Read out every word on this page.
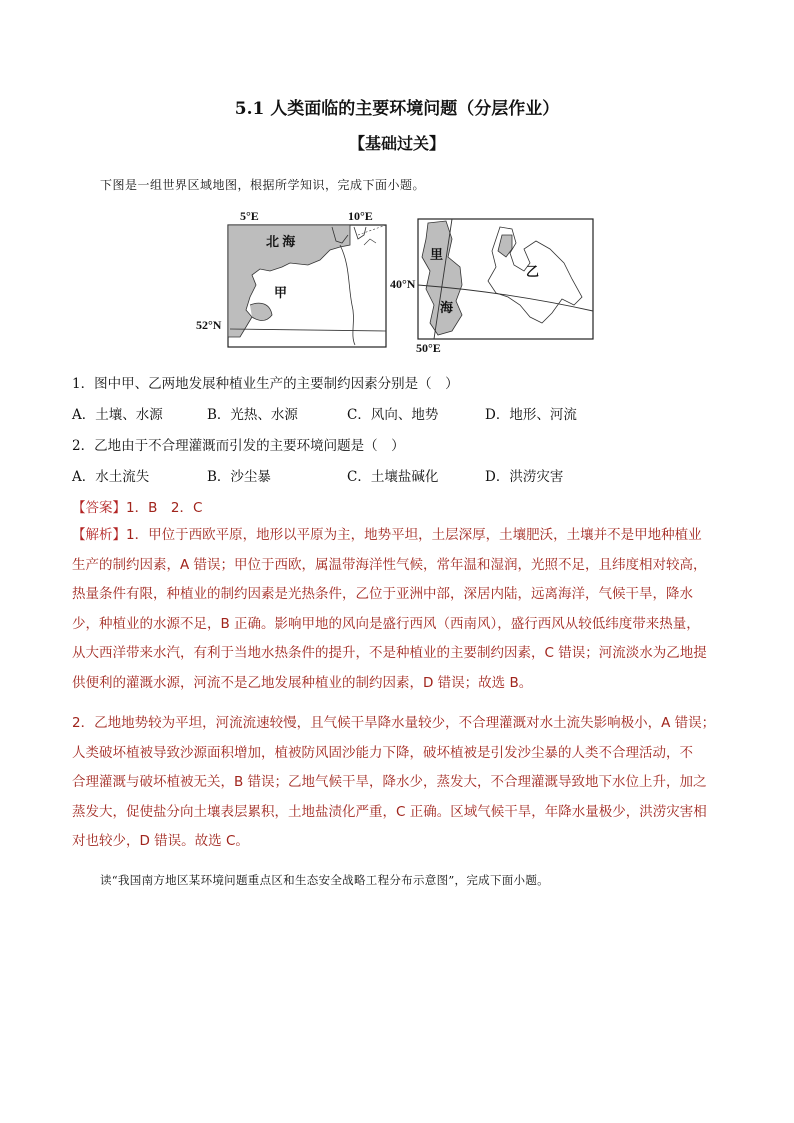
5.1 人类面临的主要环境问题（分层作业）
【基础过关】
下图是一组世界区域地图，根据所学知识，完成下面小题。
5°E	10°E
52°N
北 海
甲
40°N
50°E
里
海
乙
1．图中甲、乙两地发展种植业生产的主要制约因素分别是（　）
A．土壤、水源	B．光热、水源	C．风向、地势	D．地形、河流
2．乙地由于不合理灌溉而引发的主要环境问题是（　）
A．水土流失	B．沙尘暴	C．土壤盐碱化	D．洪涝灾害
【答案】1．B　2．C
【解析】1．甲位于西欧平原，地形以平原为主，地势平坦，土层深厚，土壤肥沃，土壤并不是甲地种植业
生产的制约因素，A 错误；甲位于西欧，属温带海洋性气候，常年温和湿润，光照不足，且纬度相对较高，
热量条件有限，种植业的制约因素是光热条件，乙位于亚洲中部，深居内陆，远离海洋，气候干旱，降水
少，种植业的水源不足，B 正确。影响甲地的风向是盛行西风（西南风），盛行西风从较低纬度带来热量，
从大西洋带来水汽，有利于当地水热条件的提升，不是种植业的主要制约因素，C 错误；河流淡水为乙地提
供便利的灌溉水源，河流不是乙地发展种植业的制约因素，D 错误；故选 B。
2．乙地地势较为平坦，河流流速较慢，且气候干旱降水量较少，不合理灌溉对水土流失影响极小，A 错误；
人类破坏植被导致沙源面积增加，植被防风固沙能力下降，破坏植被是引发沙尘暴的人类不合理活动，不
合理灌溉与破坏植被无关，B 错误；乙地气候干旱，降水少，蒸发大，不合理灌溉导致地下水位上升，加之
蒸发大，促使盐分向土壤表层累积，土地盐渍化严重，C 正确。区域气候干旱，年降水量极少，洪涝灾害相
对也较少，D 错误。故选 C。
读“我国南方地区某环境问题重点区和生态安全战略工程分布示意图”，完成下面小题。
